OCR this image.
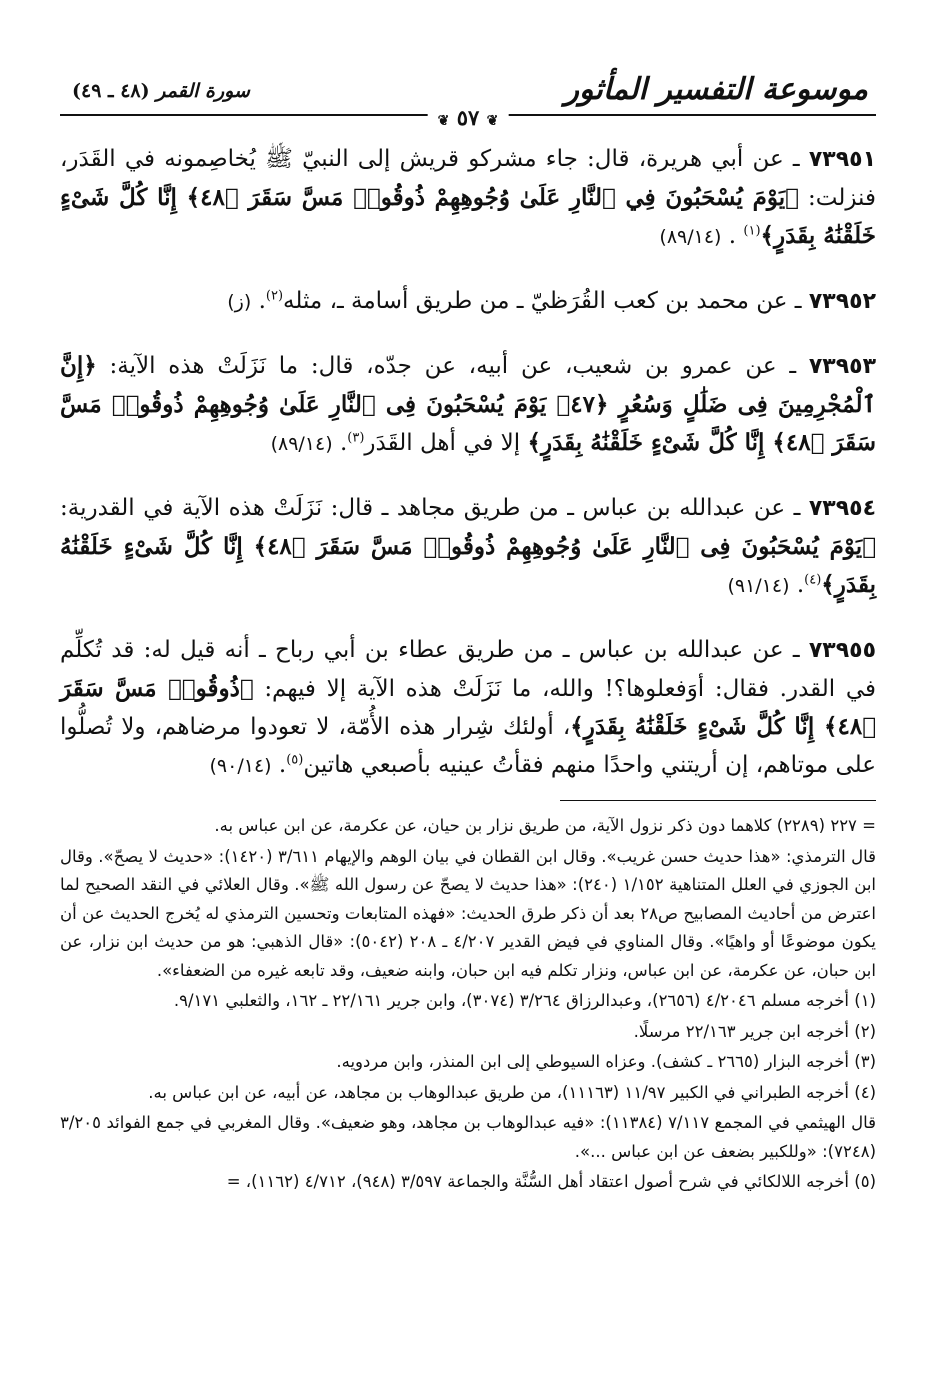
موسوعة التفسير المأثور
سورة القمر (٤٨ ـ ٤٩)
❦ ٥٧ ❦

٧٣٩٥١ ـ عن أبي هريرة، قال: جاء مشركو قريش إلى النبيّ ﷺ يُخاصِمونه في القَدَر، فنزلت: ﴿يَوْمَ يُسْحَبُونَ فِي ٱلنَّارِ عَلَىٰ وُجُوهِهِمْ ذُوقُوا۟ مَسَّ سَقَرَ ﴿٤٨﴾ إِنَّا كُلَّ شَىْءٍ خَلَقْنَٰهُ بِقَدَرٍ﴾$^{(١)}$ . (٨٩/١٤)

٧٣٩٥٢ ـ عن محمد بن كعب القُرَظيّ ـ من طريق أسامة ـ، مثله$^{(٢)}$. (ز)

٧٣٩٥٣ ـ عن عمرو بن شعيب، عن أبيه، عن جدّه، قال: ما نَزَلَتْ هذه الآية: ﴿إِنَّ ٱلْمُجْرِمِينَ فِى ضَلَٰلٍ وَسُعُرٍ ﴿٤٧﴾ يَوْمَ يُسْحَبُونَ فِى ٱلنَّارِ عَلَىٰ وُجُوهِهِمْ ذُوقُوا۟ مَسَّ سَقَرَ ﴿٤٨﴾ إِنَّا كُلَّ شَىْءٍ خَلَقْنَٰهُ بِقَدَرٍ﴾ إلا في أهل القَدَر$^{(٣)}$. (٨٩/١٤)

٧٣٩٥٤ ـ عن عبدالله بن عباس ـ من طريق مجاهد ـ قال: نَزَلَتْ هذه الآية في القدرية: ﴿يَوْمَ يُسْحَبُونَ فِى ٱلنَّارِ عَلَىٰ وُجُوهِهِمْ ذُوقُوا۟ مَسَّ سَقَرَ ﴿٤٨﴾ إِنَّا كُلَّ شَىْءٍ خَلَقْنَٰهُ بِقَدَرٍ﴾$^{(٤)}$. (٩١/١٤)

٧٣٩٥٥ ـ عن عبدالله بن عباس ـ من طريق عطاء بن أبي رباح ـ أنه قيل له: قد تُكلِّم في القدر. فقال: أوَفعلوها؟! والله، ما نَزَلَتْ هذه الآية إلا فيهم: ﴿ذُوقُوا۟ مَسَّ سَقَرَ ﴿٤٨﴾ إِنَّا كُلَّ شَىْءٍ خَلَقْنَٰهُ بِقَدَرٍ﴾، أولئك شِرار هذه الأُمّة، لا تعودوا مرضاهم، ولا تُصلُّوا على موتاهم، إن أريتني واحدًا منهم فقأتُ عينيه بأصبعي هاتين$^{(٥)}$. (٩٠/١٤)

= ٢٢٧ (٢٢٨٩) كلاهما دون ذكر نزول الآية، من طريق نزار بن حيان، عن عكرمة، عن ابن عباس به.

قال الترمذي: «هذا حديث حسن غريب». وقال ابن القطان في بيان الوهم والإيهام ٣/٦١١ (١٤٢٠): «حديث لا يصحّ». وقال ابن الجوزي في العلل المتناهية ١/١٥٢ (٢٤٠): «هذا حديث لا يصحّ عن رسول الله ﷺ». وقال العلائي في النقد الصحيح لما اعترض من أحاديث المصابيح ص٢٨ بعد أن ذكر طرق الحديث: «فهذه المتابعات وتحسين الترمذي له يُخرج الحديث عن أن يكون موضوعًا أو واهيًا». وقال المناوي في فيض القدير ٤/٢٠٧ ـ ٢٠٨ (٥٠٤٢): «قال الذهبي: هو من حديث ابن نزار، عن ابن حبان، عن عكرمة، عن ابن عباس، ونزار تكلم فيه ابن حبان، وابنه ضعيف، وقد تابعه غيره من الضعفاء».

(١) أخرجه مسلم ٤/٢٠٤٦ (٢٦٥٦)، وعبدالرزاق ٣/٢٦٤ (٣٠٧٤)، وابن جرير ٢٢/١٦١ ـ ١٦٢، والثعلبي ٩/١٧١.

(٢) أخرجه ابن جرير ٢٢/١٦٣ مرسلًا.

(٣) أخرجه البزار (٢٦٦٥ ـ كشف). وعزاه السيوطي إلى ابن المنذر، وابن مردويه.

(٤) أخرجه الطبراني في الكبير ١١/٩٧ (١١١٦٣)، من طريق عبدالوهاب بن مجاهد، عن أبيه، عن ابن عباس به.

قال الهيثمي في المجمع ٧/١١٧ (١١٣٨٤): «فيه عبدالوهاب بن مجاهد، وهو ضعيف». وقال المغربي في جمع الفوائد ٣/٢٠٥ (٧٢٤٨): «وللكبير بضعف عن ابن عباس ...».

(٥) أخرجه اللالكائي في شرح أصول اعتقاد أهل السُّنَّة والجماعة ٣/٥٩٧ (٩٤٨)، ٤/٧١٢ (١١٦٢)، =
